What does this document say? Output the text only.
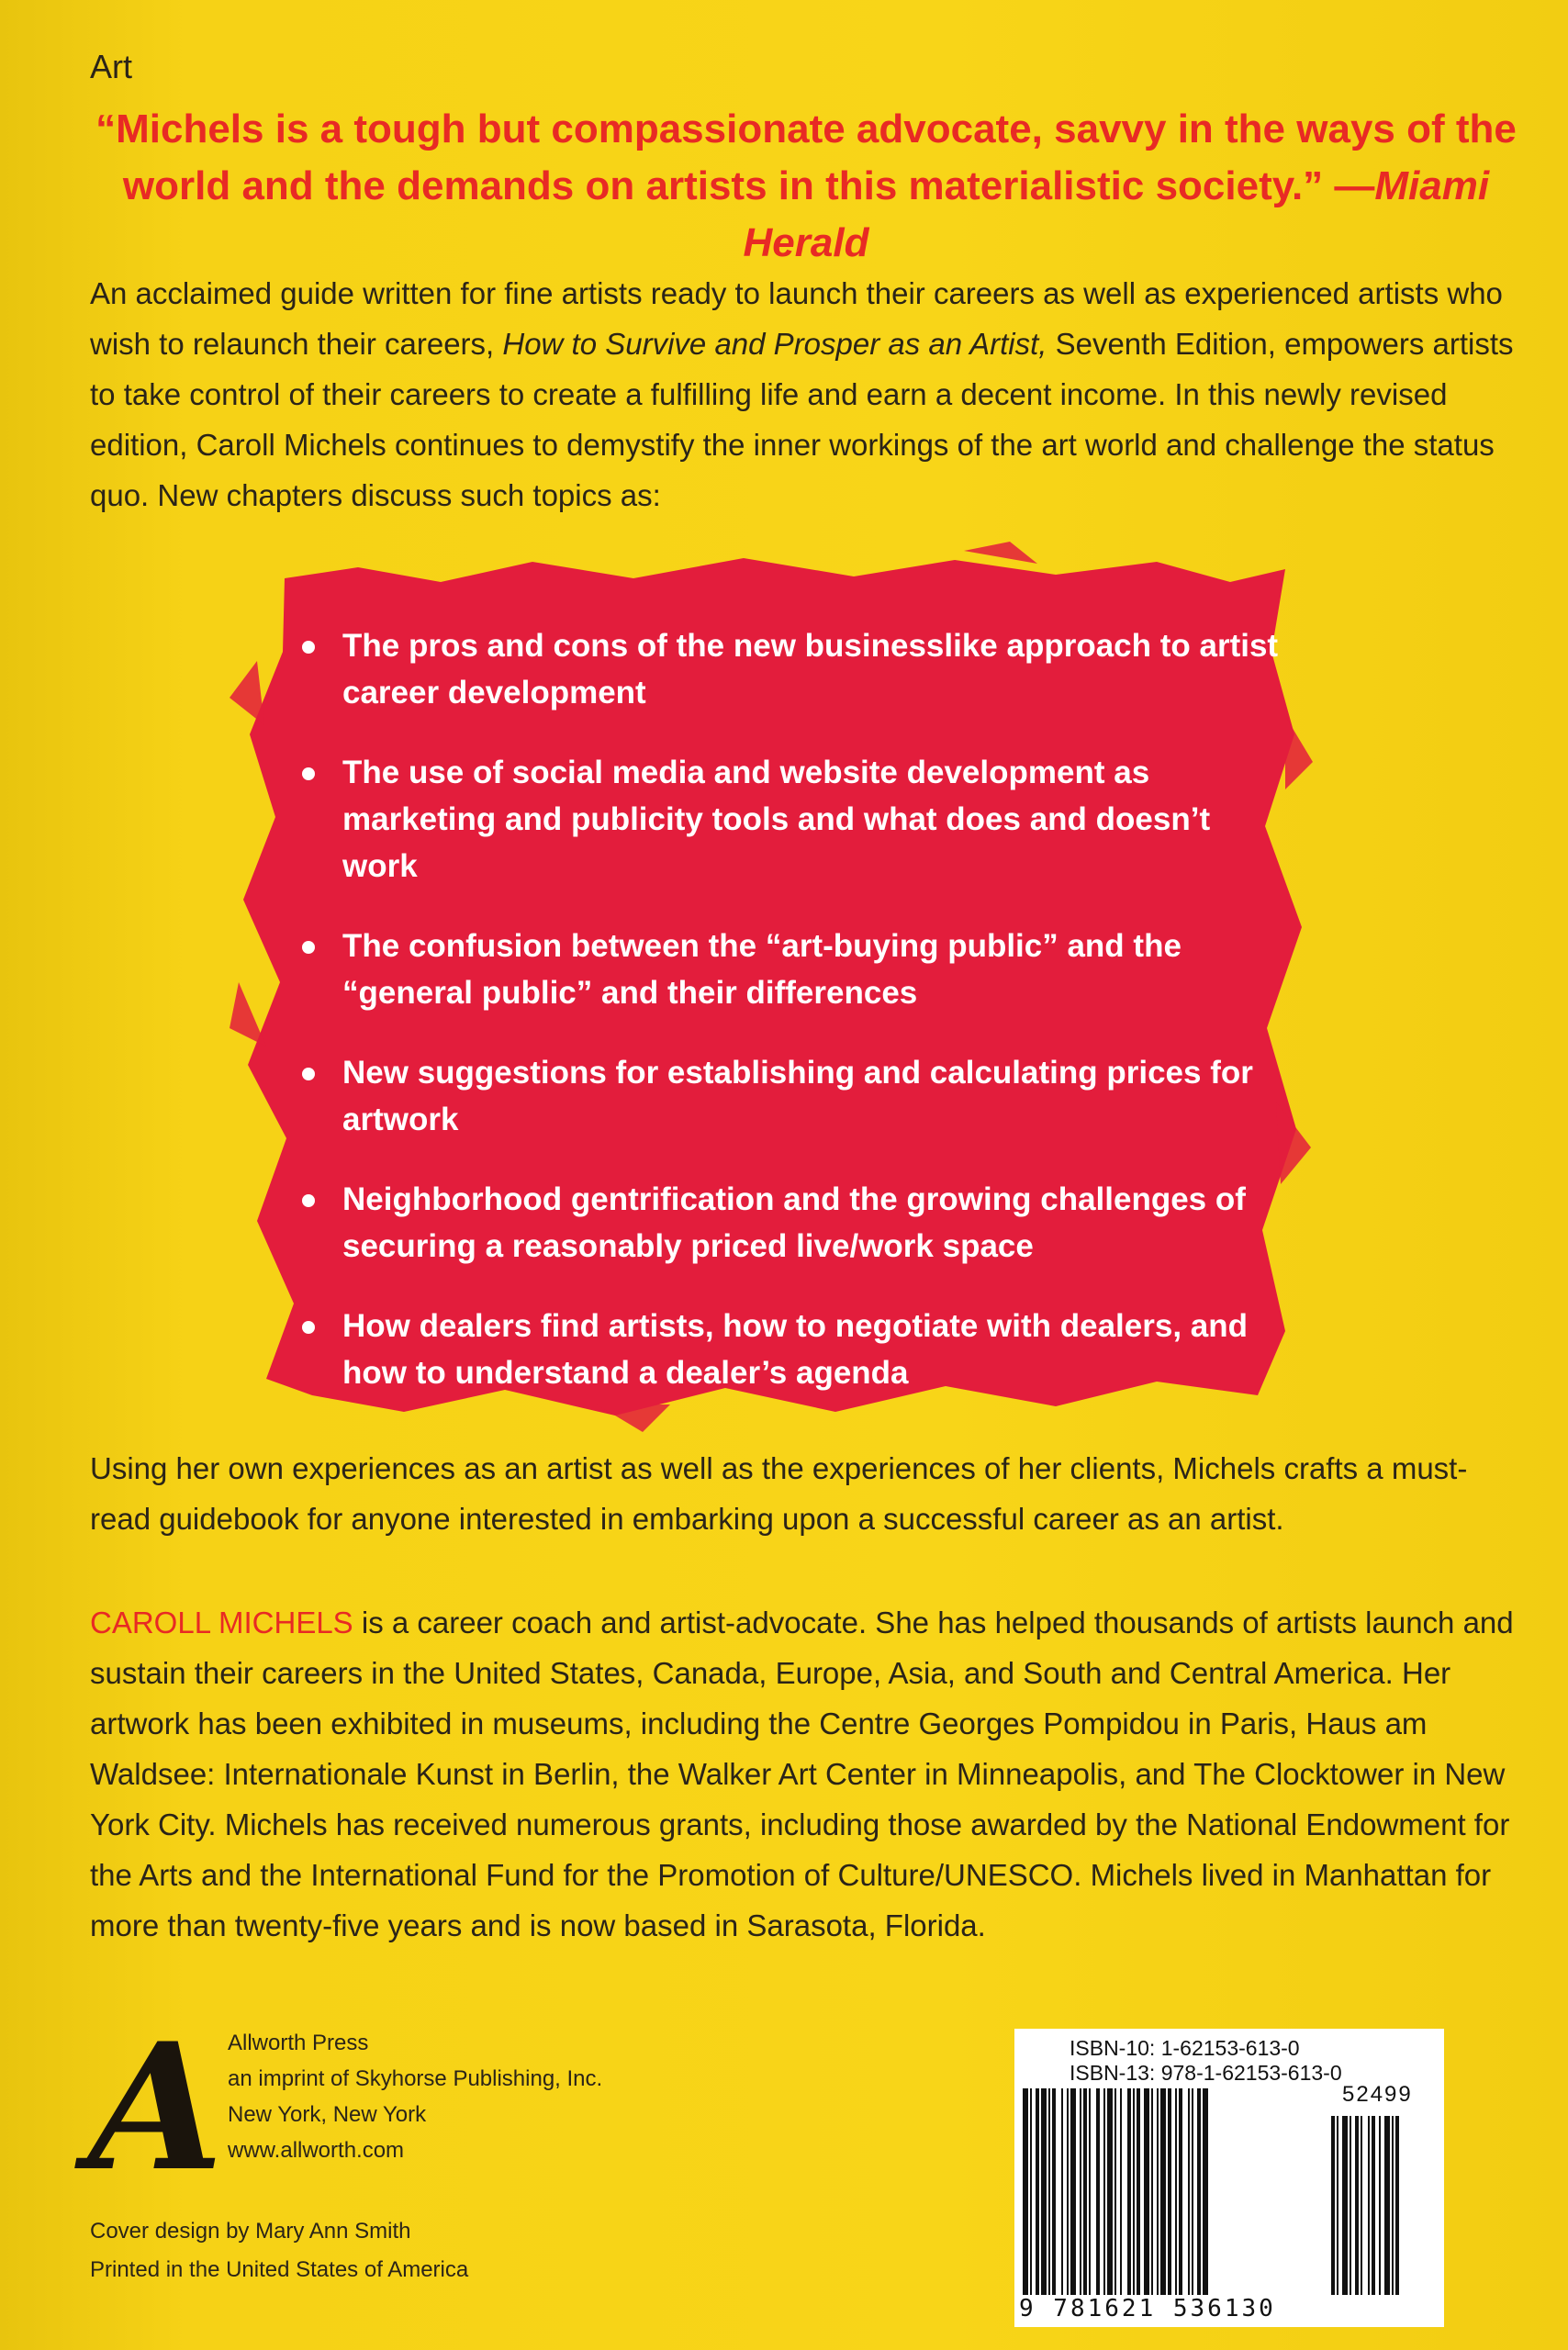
Art
“Michels is a tough but compassionate advocate, savvy in the ways of the world and the demands on artists in this materialistic society.” —Miami Herald
An acclaimed guide written for fine artists ready to launch their careers as well as experienced artists who wish to relaunch their careers, How to Survive and Prosper as an Artist, Seventh Edition, empowers artists to take control of their careers to create a fulfilling life and earn a decent income. In this newly revised edition, Caroll Michels continues to demystify the inner workings of the art world and challenge the status quo. New chapters discuss such topics as:
The pros and cons of the new businesslike approach to artist career development
The use of social media and website development as marketing and publicity tools and what does and doesn’t work
The confusion between the “art-buying public” and the “general public” and their differences
New suggestions for establishing and calculating prices for artwork
Neighborhood gentrification and the growing challenges of securing a reasonably priced live/work space
How dealers find artists, how to negotiate with dealers, and how to understand a dealer’s agenda
Using her own experiences as an artist as well as the experiences of her clients, Michels crafts a must-read guidebook for anyone interested in embarking upon a successful career as an artist.
CAROLL MICHELS is a career coach and artist-advocate. She has helped thousands of artists launch and sustain their careers in the United States, Canada, Europe, Asia, and South and Central America. Her artwork has been exhibited in museums, including the Centre Georges Pompidou in Paris, Haus am Waldsee: Internationale Kunst in Berlin, the Walker Art Center in Minneapolis, and The Clocktower in New York City. Michels has received numerous grants, including those awarded by the National Endowment for the Arts and the International Fund for the Promotion of Culture/UNESCO. Michels lived in Manhattan for more than twenty-five years and is now based in Sarasota, Florida.
A Allworth Press
an imprint of Skyhorse Publishing, Inc.
New York, New York
www.allworth.com
Cover design by Mary Ann Smith
Printed in the United States of America
ISBN-10: 1-62153-613-0
ISBN-13: 978-1-62153-613-0
52499
9 781621 536130
